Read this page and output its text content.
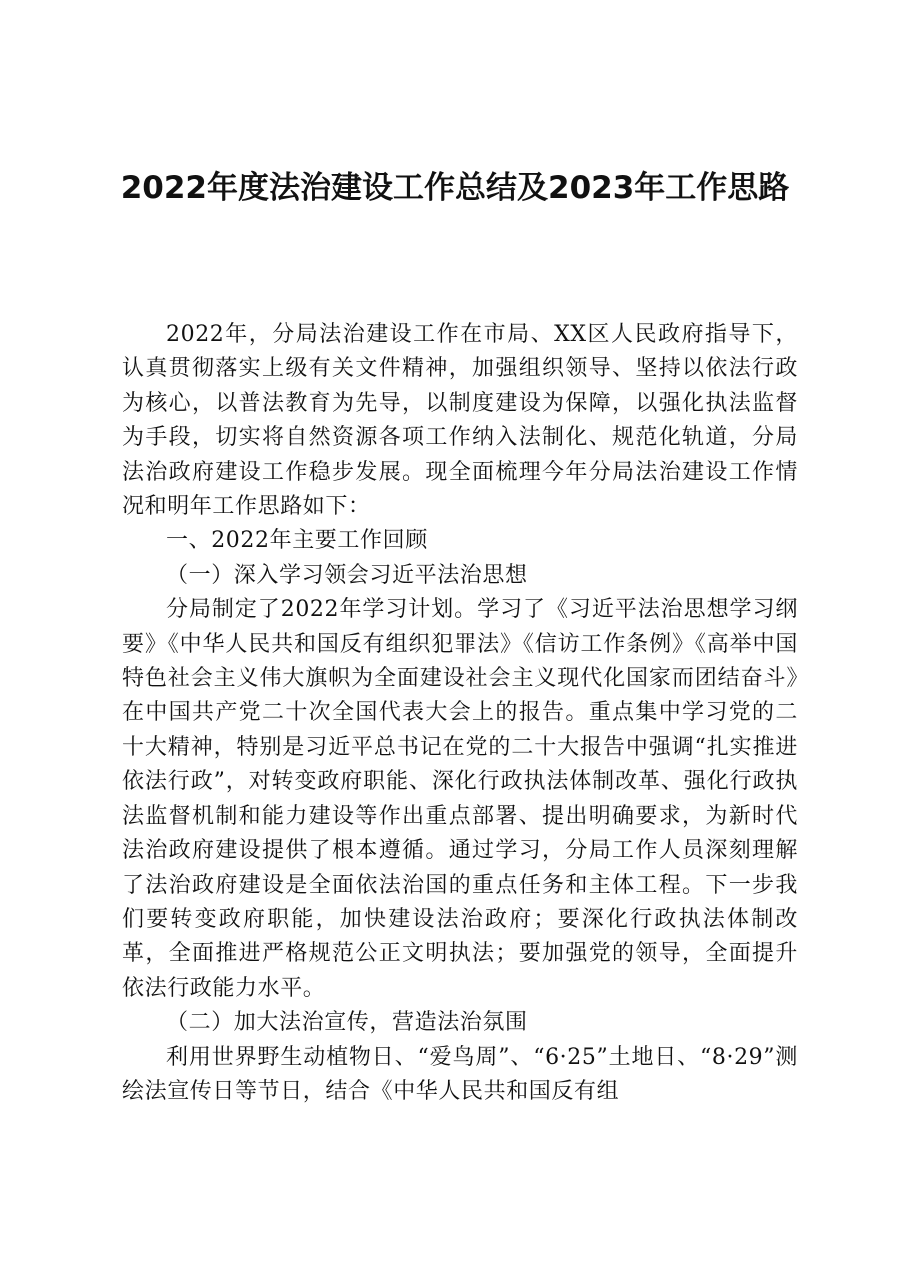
2022年度法治建设工作总结及2023年工作思路

2022年，分局法治建设工作在市局、XX区人民政府指导下，认真贯彻落实上级有关文件精神，加强组织领导、坚持以依法行政为核心，以普法教育为先导，以制度建设为保障，以强化执法监督为手段，切实将自然资源各项工作纳入法制化、规范化轨道，分局法治政府建设工作稳步发展。现全面梳理今年分局法治建设工作情况和明年工作思路如下：

一、2022年主要工作回顾

（一）深入学习领会习近平法治思想

分局制定了2022年学习计划。学习了《习近平法治思想学习纲要》《中华人民共和国反有组织犯罪法》《信访工作条例》《高举中国特色社会主义伟大旗帜为全面建设社会主义现代化国家而团结奋斗》在中国共产党二十次全国代表大会上的报告。重点集中学习党的二十大精神，特别是习近平总书记在党的二十大报告中强调“扎实推进依法行政”，对转变政府职能、深化行政执法体制改革、强化行政执法监督机制和能力建设等作出重点部署、提出明确要求，为新时代法治政府建设提供了根本遵循。通过学习，分局工作人员深刻理解了法治政府建设是全面依法治国的重点任务和主体工程。下一步我们要转变政府职能，加快建设法治政府；要深化行政执法体制改革，全面推进严格规范公正文明执法；要加强党的领导，全面提升依法行政能力水平。

（二）加大法治宣传，营造法治氛围

利用世界野生动植物日、“爱鸟周”、“6·25”土地日、“8·29”测绘法宣传日等节日，结合《中华人民共和国反有组
